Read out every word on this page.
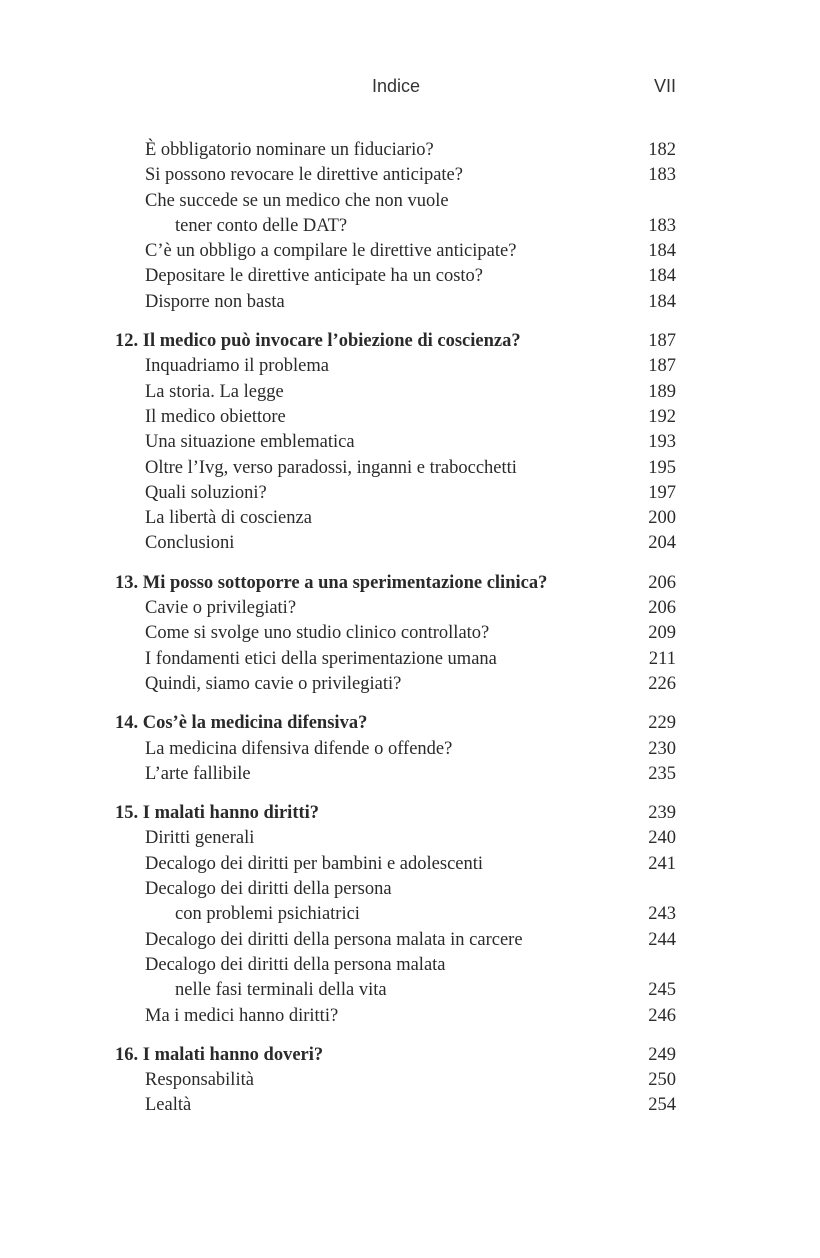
Indice	VII
È obbligatorio nominare un fiduciario?	182
Si possono revocare le direttive anticipate?	183
Che succede se un medico che non vuole
tener conto delle DAT?	183
C’è un obbligo a compilare le direttive anticipate?	184
Depositare le direttive anticipate ha un costo?	184
Disporre non basta	184
12. Il medico può invocare l’obiezione di coscienza?	187
Inquadriamo il problema	187
La storia. La legge	189
Il medico obiettore	192
Una situazione emblematica	193
Oltre l’Ivg, verso paradossi, inganni e trabocchetti	195
Quali soluzioni?	197
La libertà di coscienza	200
Conclusioni	204
13. Mi posso sottoporre a una sperimentazione clinica?	206
Cavie o privilegiati?	206
Come si svolge uno studio clinico controllato?	209
I fondamenti etici della sperimentazione umana	211
Quindi, siamo cavie o privilegiati?	226
14. Cos’è la medicina difensiva?	229
La medicina difensiva difende o offende?	230
L’arte fallibile	235
15. I malati hanno diritti?	239
Diritti generali	240
Decalogo dei diritti per bambini e adolescenti	241
Decalogo dei diritti della persona
con problemi psichiatrici	243
Decalogo dei diritti della persona malata in carcere	244
Decalogo dei diritti della persona malata
nelle fasi terminali della vita	245
Ma i medici hanno diritti?	246
16. I malati hanno doveri?	249
Responsabilità	250
Lealtà	254
